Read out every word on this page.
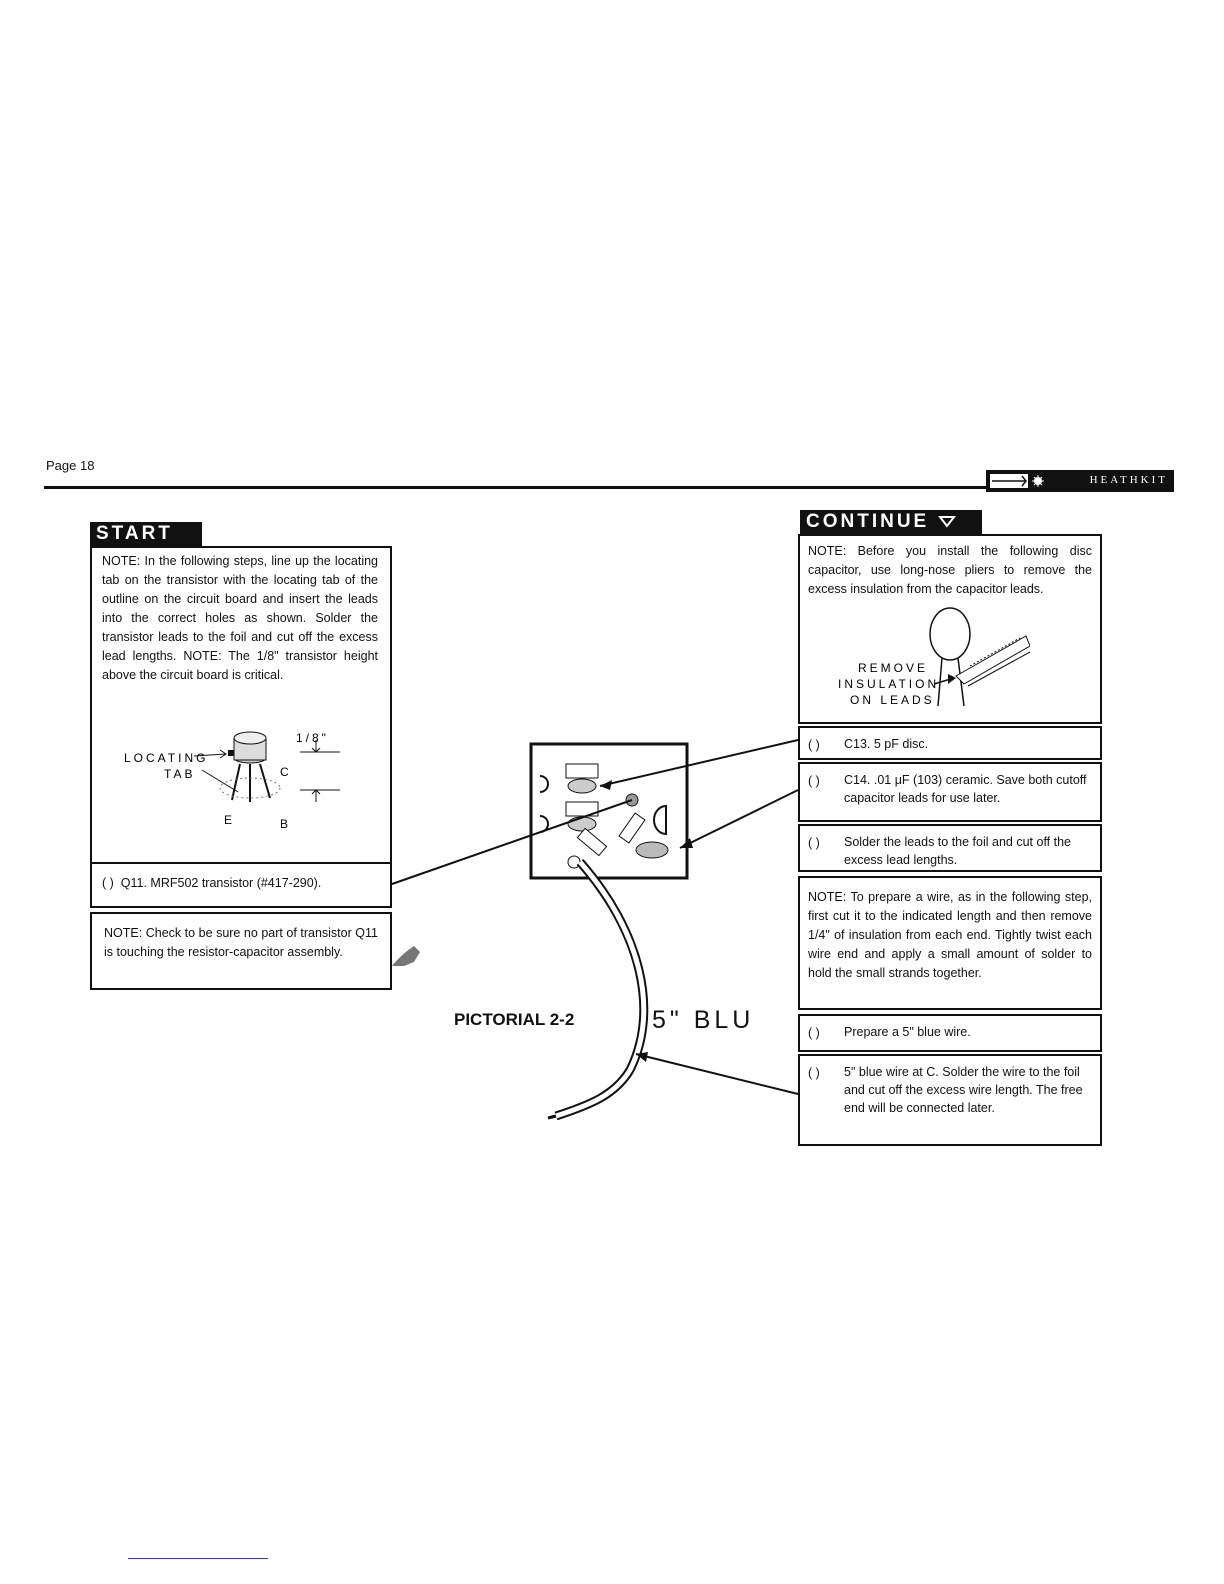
Page 18
HEATHKIT
START
NOTE: In the following steps, line up the locating tab on the transistor with the locating tab of the outline on the circuit board and insert the leads into the correct holes as shown. Solder the transistor leads to the foil and cut off the excess lead lengths. NOTE: The 1/8" transistor height above the circuit board is critical.
LOCATING
TAB
1/8"
C
E	B
( ) Q11. MRF502 transistor (#417-290).
NOTE: Check to be sure no part of transistor Q11 is touching the resistor-capacitor assembly.
CONTINUE
NOTE: Before you install the following disc capacitor, use long-nose pliers to remove the excess insulation from the capacitor leads.
REMOVE
INSULATION
ON LEADS
( ) C13. 5 pF disc.
( ) C14. .01 μF (103) ceramic. Save both cutoff capacitor leads for use later.
( ) Solder the leads to the foil and cut off the excess lead lengths.
NOTE: To prepare a wire, as in the following step, first cut it to the indicated length and then remove 1/4" of insulation from each end. Tightly twist each wire end and apply a small amount of solder to hold the small strands together.
( ) Prepare a 5" blue wire.
( ) 5" blue wire at C. Solder the wire to the foil and cut off the excess wire length. The free end will be connected later.
PICTORIAL 2-2	5" BLU
